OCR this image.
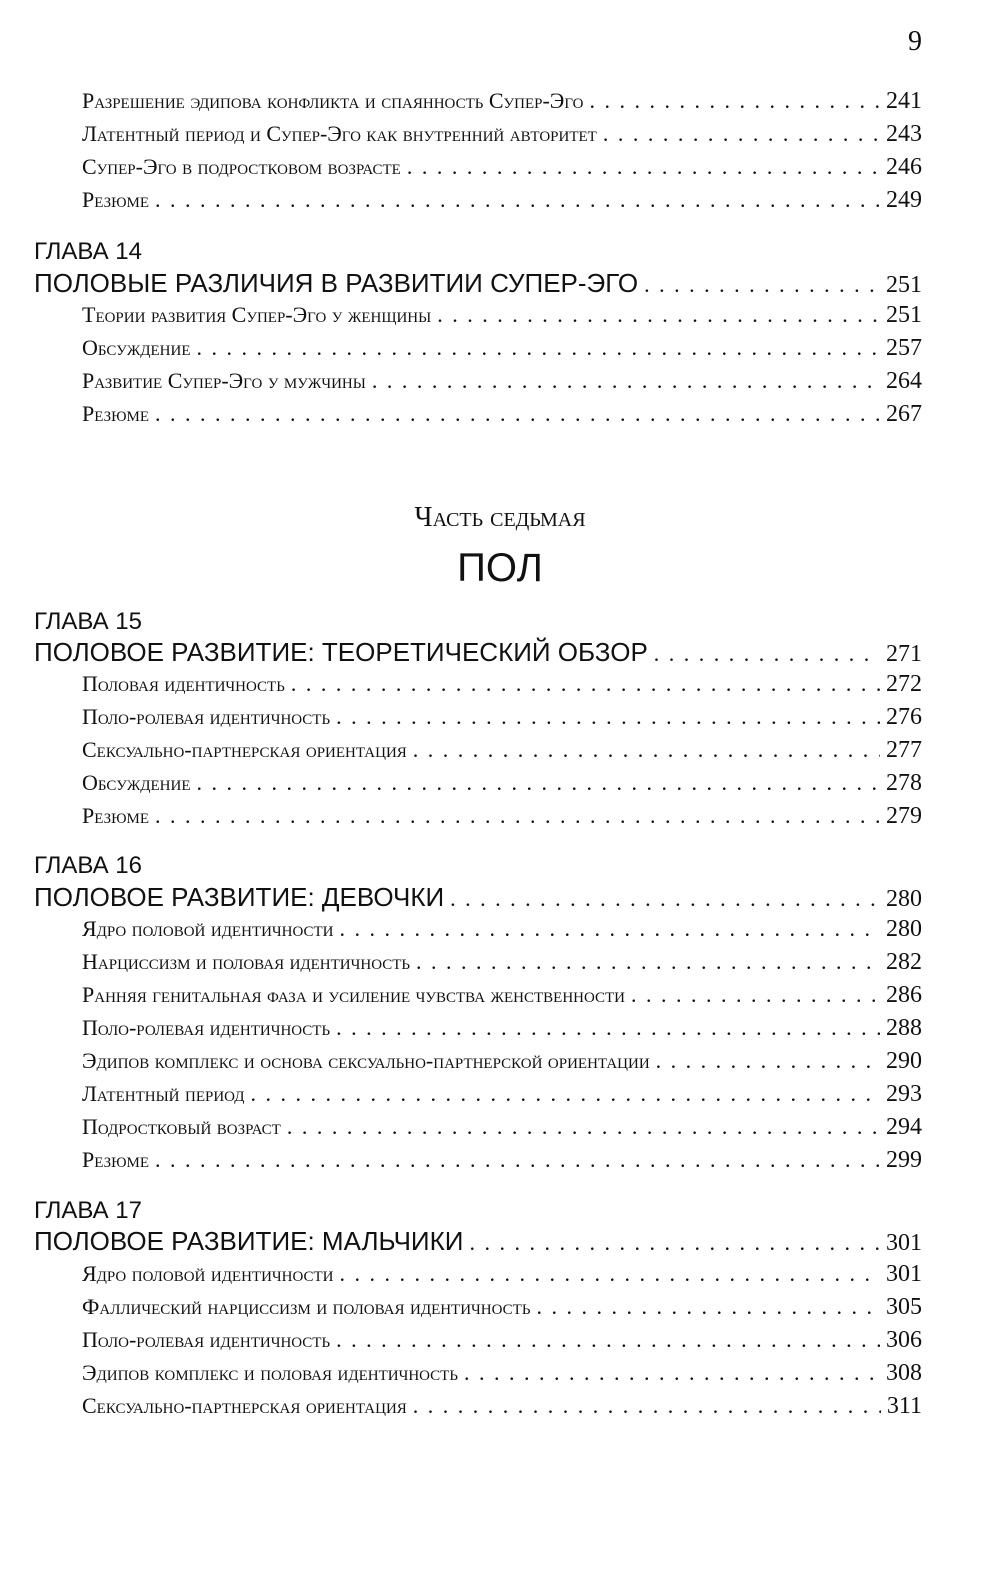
9
Разрешение эдипова конфликта и спаянность Супер-Эго . . .	241
Латентный период и Супер-Эго как внутренний авторитет . . .	243
Супер-Эго в подростковом возрасте . . .	246
Резюме . . .	249
ГЛАВА 14
ПОЛОВЫЕ РАЗЛИЧИЯ В РАЗВИТИИ СУПЕР-ЭГО . . .	251
Теории развития Супер-Эго у женщины . . .	251
Обсуждение . . .	257
Развитие Супер-Эго у мужчины . . .	264
Резюме . . .	267
Часть седьмая
ПОЛ
ГЛАВА 15
ПОЛОВОЕ РАЗВИТИЕ: ТЕОРЕТИЧЕСКИЙ ОБЗОР . . .	271
Половая идентичность . . .	272
Поло-ролевая идентичность . . .	276
Сексуально-партнерская ориентация . . .	277
Обсуждение . . .	278
Резюме . . .	279
ГЛАВА 16
ПОЛОВОЕ РАЗВИТИЕ: ДЕВОЧКИ . . .	280
Ядро половой идентичности . . .	280
Нарциссизм и половая идентичность . . .	282
Ранняя генитальная фаза и усиление чувства женственности . . .	286
Поло-ролевая идентичность . . .	288
Эдипов комплекс и основа сексуально-партнерской ориентации . . .	290
Латентный период . . .	293
Подростковый возраст . . .	294
Резюме . . .	299
ГЛАВА 17
ПОЛОВОЕ РАЗВИТИЕ: МАЛЬЧИКИ . . .	301
Ядро половой идентичности . . .	301
Фаллический нарциссизм и половая идентичность . . .	305
Поло-ролевая идентичность . . .	306
Эдипов комплекс и половая идентичность . . .	308
Сексуально-партнерская ориентация . . .	311
